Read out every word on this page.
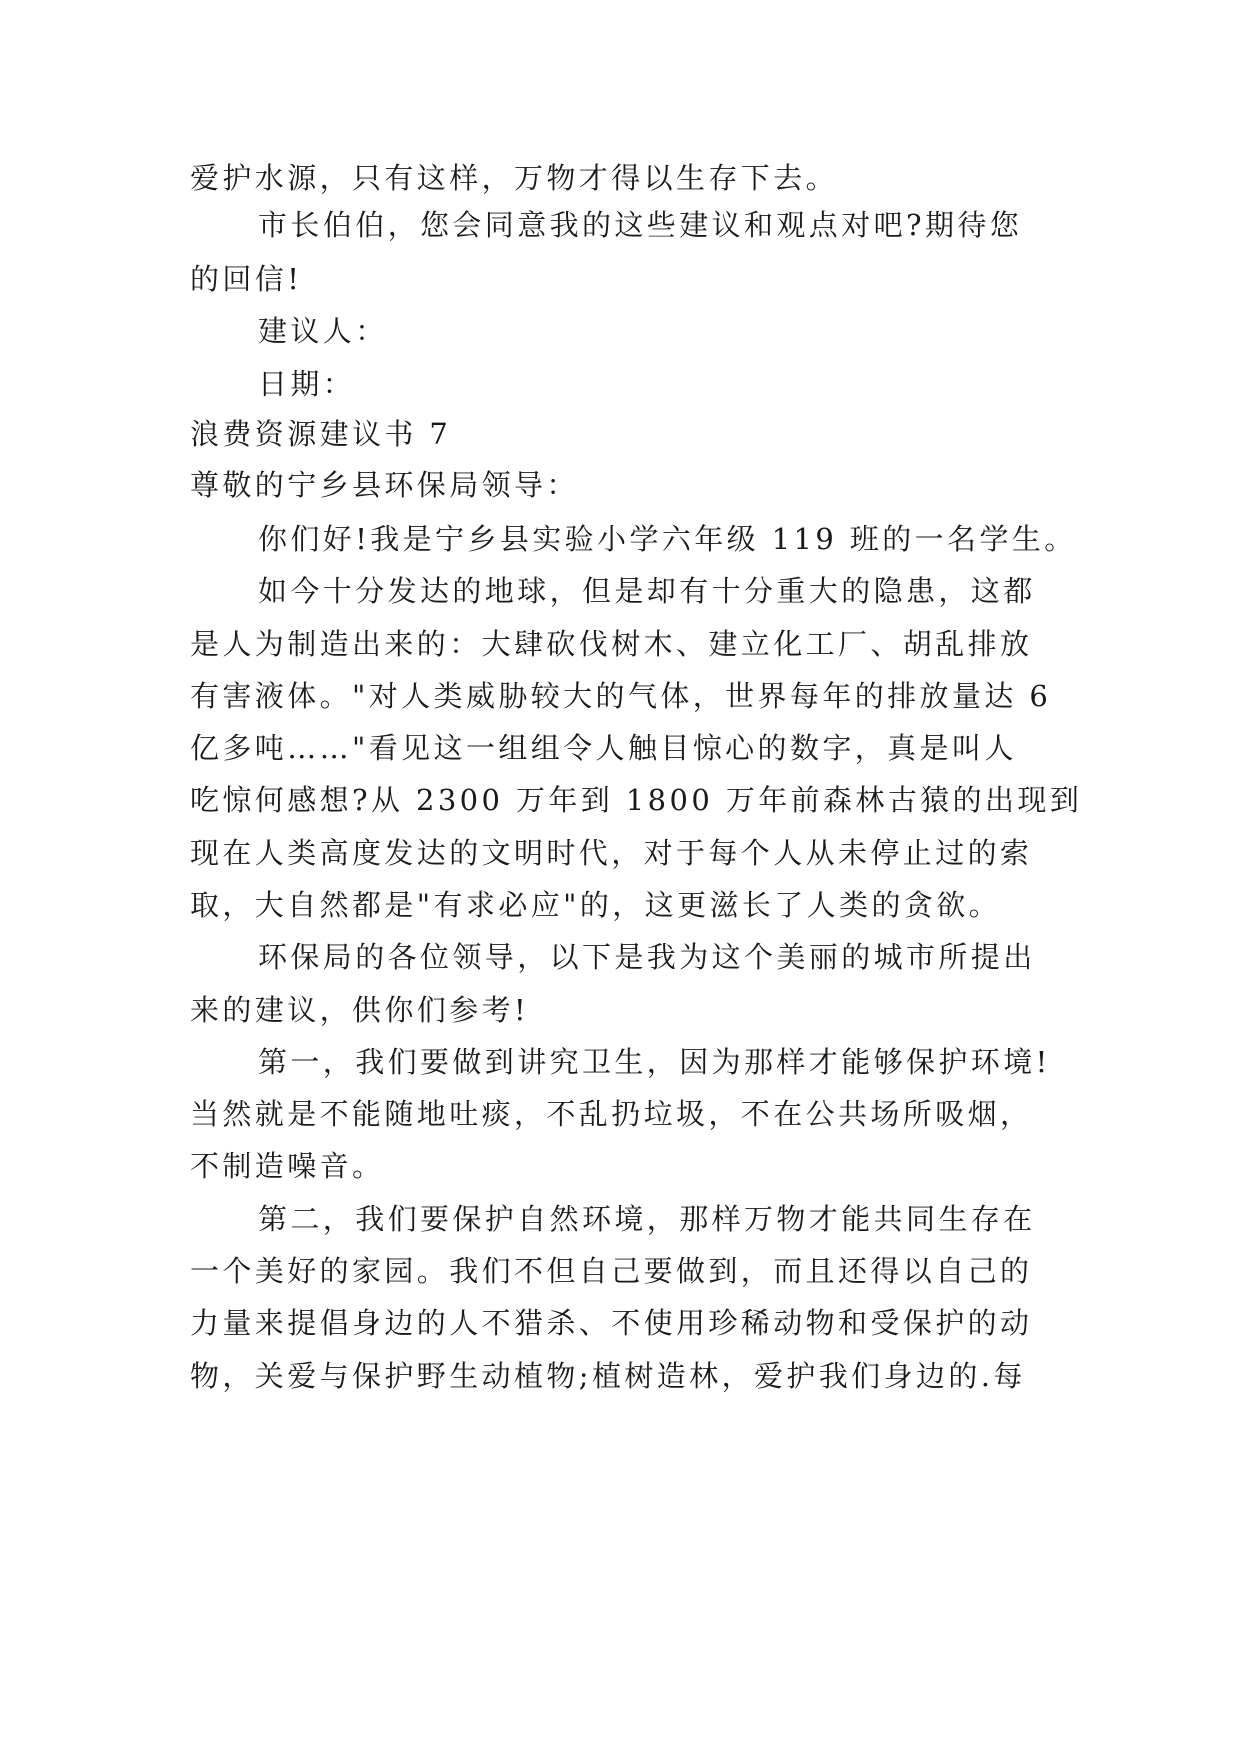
爱护水源，只有这样，万物才得以生存下去。
市长伯伯，您会同意我的这些建议和观点对吧?期待您
的回信!
建议人：
日期：
浪费资源建议书 7
尊敬的宁乡县环保局领导：
你们好!我是宁乡县实验小学六年级 119 班的一名学生。
如今十分发达的地球，但是却有十分重大的隐患，这都
是人为制造出来的：大肆砍伐树木、建立化工厂、胡乱排放
有害液体。"对人类威胁较大的气体，世界每年的排放量达 6
亿多吨……"看见这一组组令人触目惊心的数字，真是叫人
吃惊何感想?从 2300 万年到 1800 万年前森林古猿的出现到
现在人类高度发达的文明时代，对于每个人从未停止过的索
取，大自然都是"有求必应"的，这更滋长了人类的贪欲。
环保局的各位领导，以下是我为这个美丽的城市所提出
来的建议，供你们参考!
第一，我们要做到讲究卫生，因为那样才能够保护环境!
当然就是不能随地吐痰，不乱扔垃圾，不在公共场所吸烟，
不制造噪音。
第二，我们要保护自然环境，那样万物才能共同生存在
一个美好的家园。我们不但自己要做到，而且还得以自己的
力量来提倡身边的人不猎杀、不使用珍稀动物和受保护的动
物，关爱与保护野生动植物;植树造林，爱护我们身边的.每
